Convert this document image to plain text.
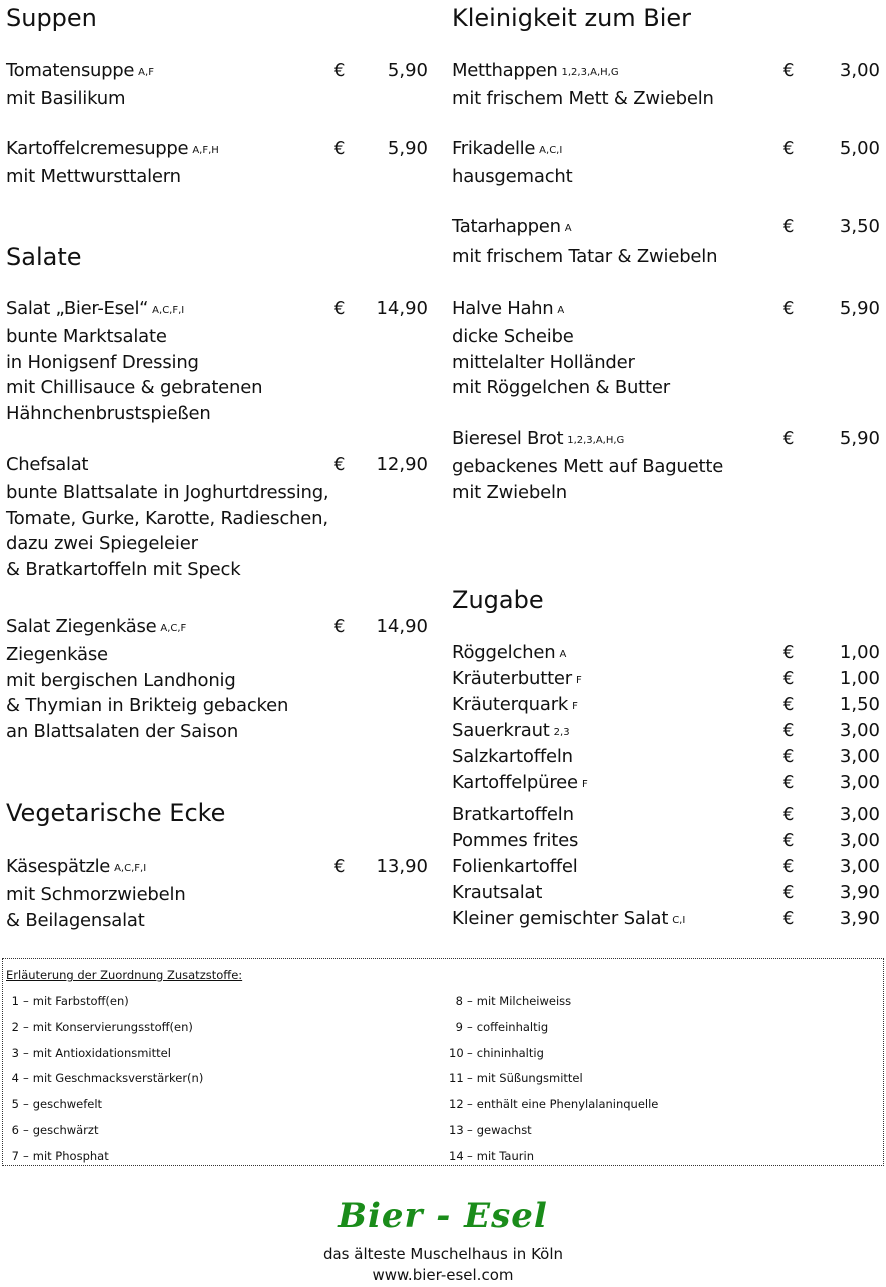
Suppen
Tomatensuppe A,F	€ 5,90
mit Basilikum
Kartoffelcremesuppe A,F,H	€ 5,90
mit Mettwursttalern
Salate
Salat „Bier-Esel“ A,C,F,I	€ 14,90
bunte Marktsalate
in Honigsenf Dressing
mit Chillisauce & gebratenen
Hähnchenbrustspießen
Chefsalat	€ 12,90
bunte Blattsalate in Joghurtdressing,
Tomate, Gurke, Karotte, Radieschen,
dazu zwei Spiegeleier
& Bratkartoffeln mit Speck
Salat Ziegenkäse A,C,F	€ 14,90
Ziegenkäse
mit bergischen Landhonig
& Thymian in Brikteig gebacken
an Blattsalaten der Saison
Vegetarische Ecke
Käsespätzle A,C,F,I	€ 13,90
mit Schmorzwiebeln
& Beilagensalat
Kleinigkeit zum Bier
Metthappen 1,2,3,A,H,G	€	3,00
mit frischem Mett & Zwiebeln
Frikadelle A,C,I	€	5,00
hausgemacht
Tatarhappen A	€	3,50
mit frischem Tatar & Zwiebeln
Halve Hahn A	€	5,90
dicke Scheibe
mittelalter Holländer
mit Röggelchen & Butter
Bieresel Brot 1,2,3,A,H,G	€	5,90
gebackenes Mett auf Baguette
mit Zwiebeln
Zugabe
Röggelchen A	€	1,00
Kräuterbutter F	€	1,00
Kräuterquark F	€	1,50
Sauerkraut 2,3	€	3,00
Salzkartoffeln	€	3,00
Kartoffelpüree F	€	3,00
Bratkartoffeln	€	3,00
Pommes frites	€	3,00
Folienkartoffel	€	3,00
Krautsalat	€	3,90
Kleiner gemischter Salat C,I	€	3,90
Erläuterung der Zuordnung Zusatzstoffe:
1 – mit Farbstoff(en)
2 – mit Konservierungsstoff(en)
3 – mit Antioxidationsmittel
4 – mit Geschmacksverstärker(n)
5 – geschwefelt
6 – geschwärzt
7 – mit Phosphat
8 – mit Milcheiweiss
9 – coffeinhaltig
10 – chininhaltig
11 – mit Süßungsmittel
12 – enthält eine Phenylalaninquelle
13 – gewachst
14 – mit Taurin
Bier - Esel
das älteste Muschelhaus in Köln
www.bier-esel.com
